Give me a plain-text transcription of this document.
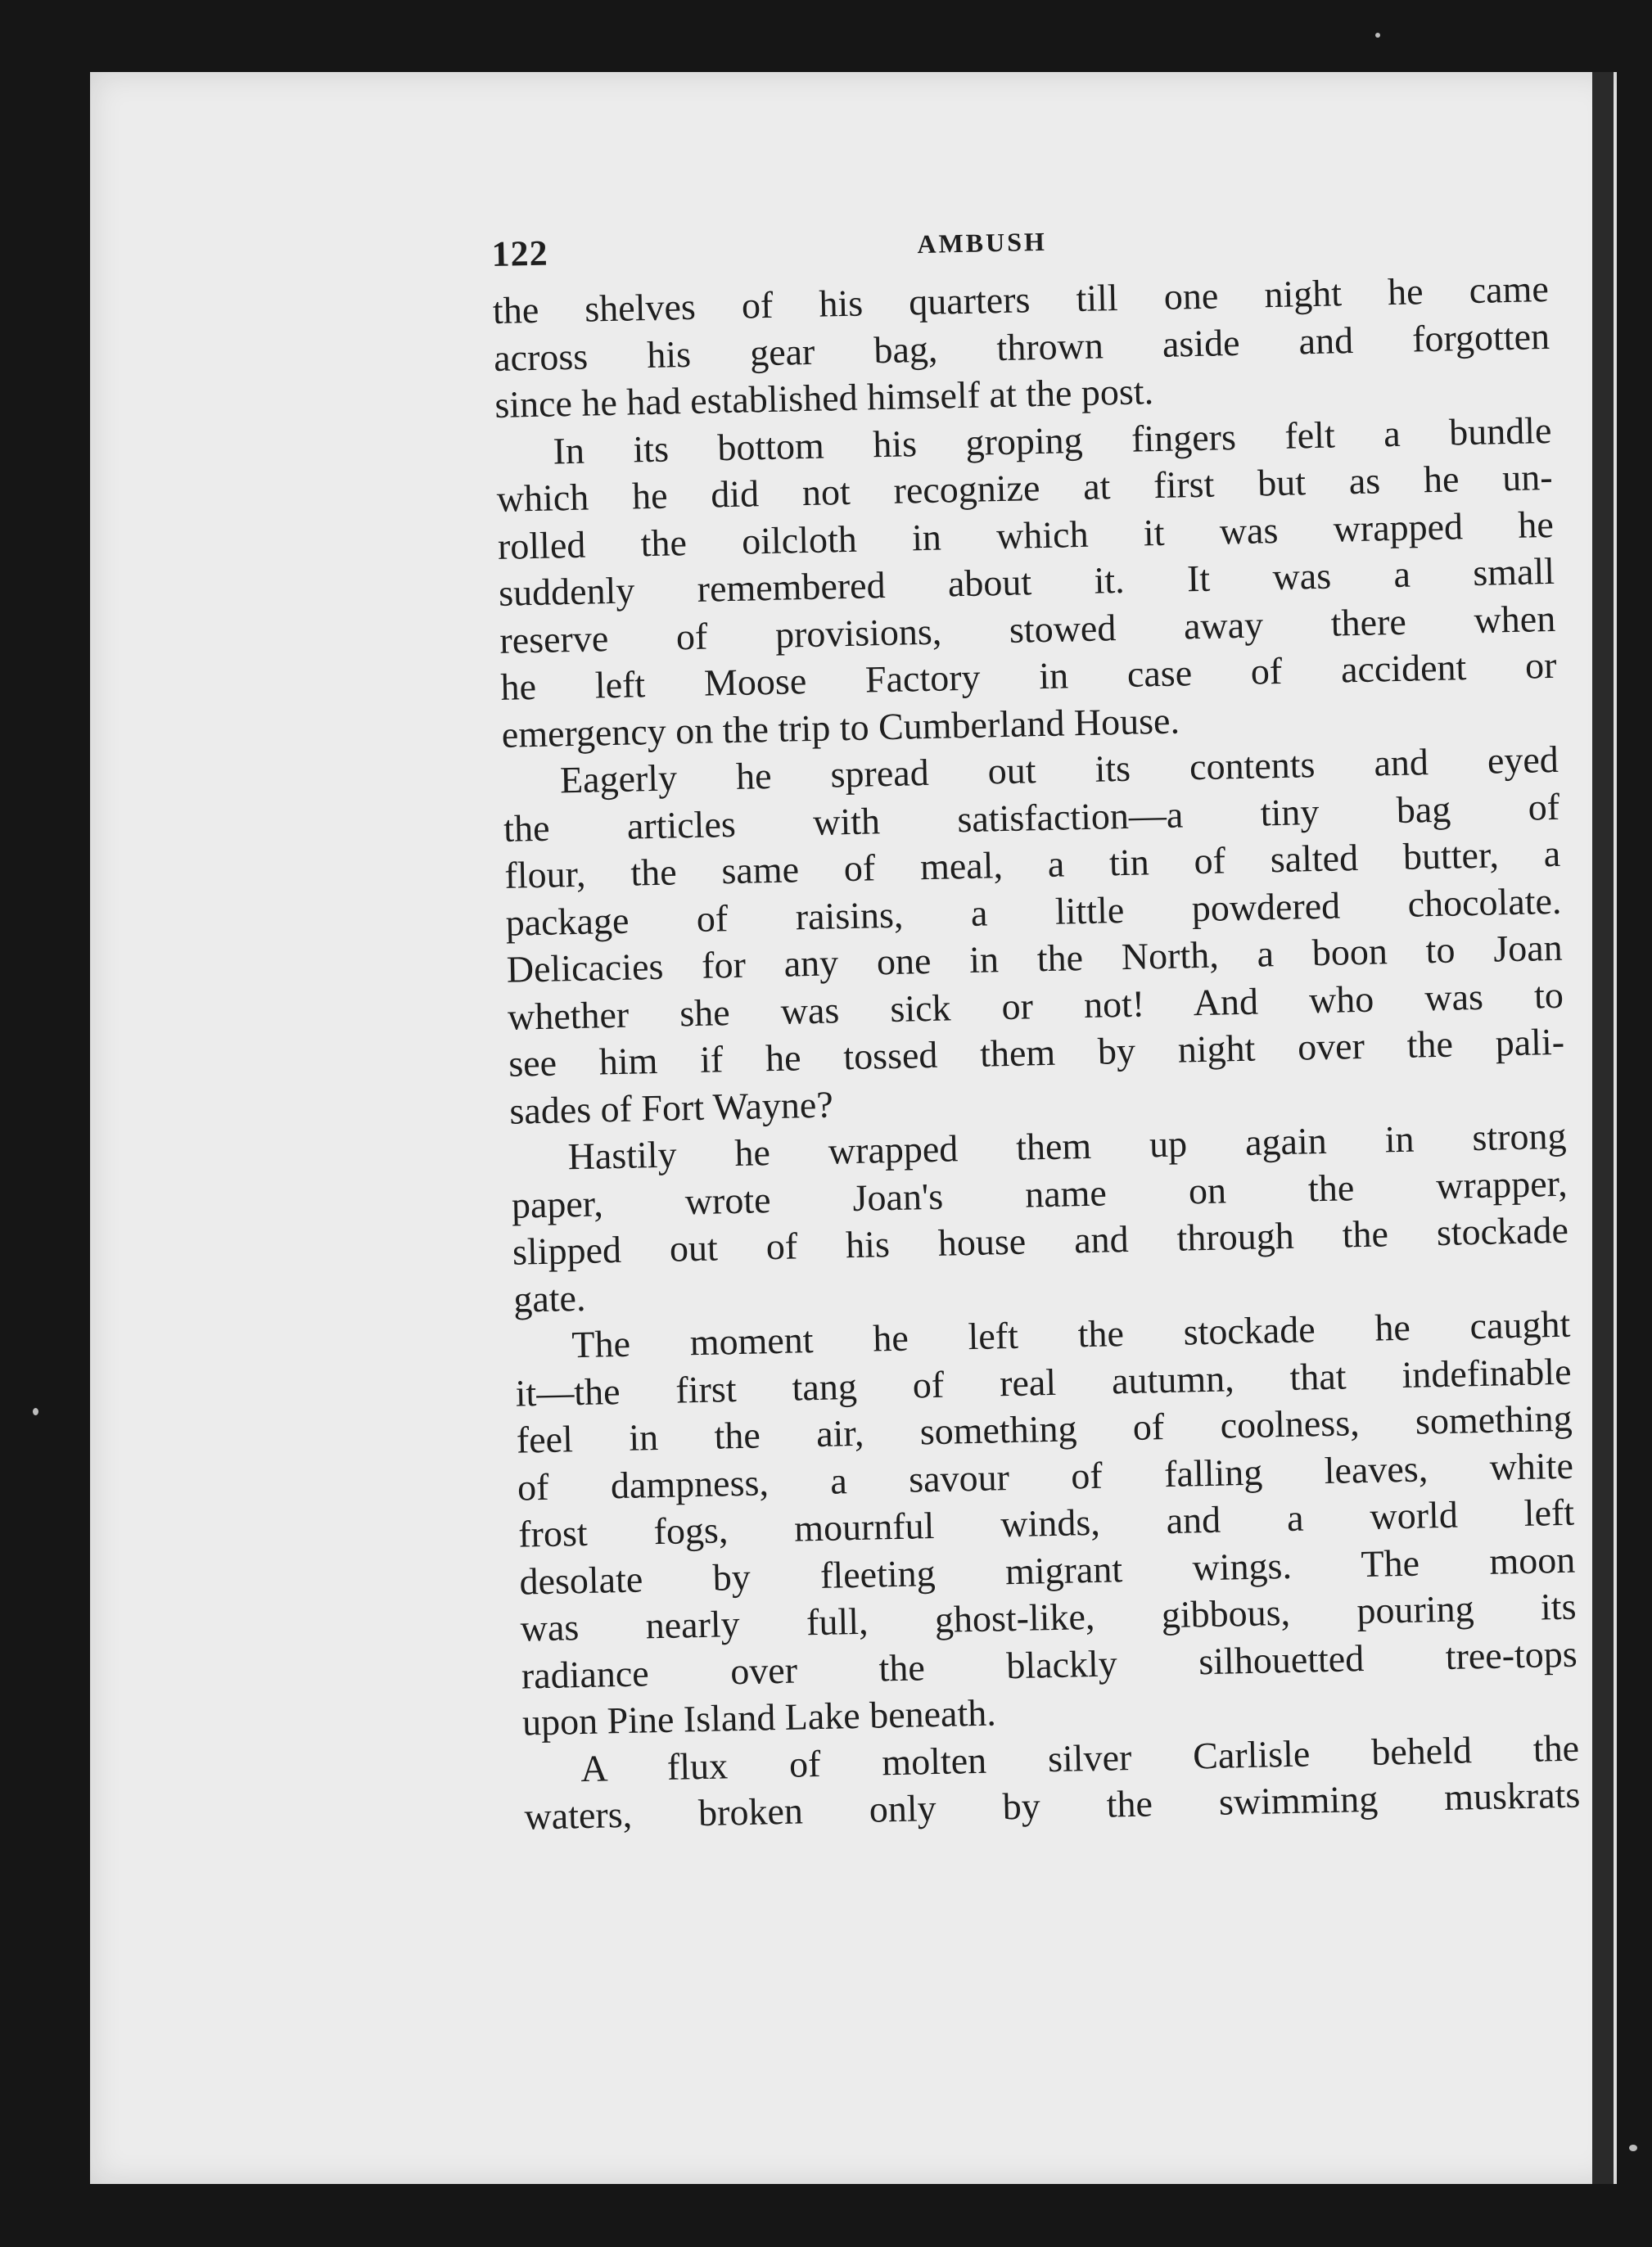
122	AMBUSH
the shelves of his quarters till one night he came
across his gear bag, thrown aside and forgotten
since he had established himself at the post.
In its bottom his groping fingers felt a bundle
which he did not recognize at first but as he un-
rolled the oilcloth in which it was wrapped he
suddenly remembered about it. It was a small
reserve of provisions, stowed away there when
he left Moose Factory in case of accident or
emergency on the trip to Cumberland House.
Eagerly he spread out its contents and eyed
the articles with satisfaction—a tiny bag of
flour, the same of meal, a tin of salted butter, a
package of raisins, a little powdered chocolate.
Delicacies for any one in the North, a boon to Joan
whether she was sick or not! And who was to
see him if he tossed them by night over the pali-
sades of Fort Wayne?
Hastily he wrapped them up again in strong
paper, wrote Joan's name on the wrapper,
slipped out of his house and through the stockade
gate.
The moment he left the stockade he caught
it—the first tang of real autumn, that indefinable
feel in the air, something of coolness, something
of dampness, a savour of falling leaves, white
frost fogs, mournful winds, and a world left
desolate by fleeting migrant wings. The moon
was nearly full, ghost-like, gibbous, pouring its
radiance over the blackly silhouetted tree-tops
upon Pine Island Lake beneath.
A flux of molten silver Carlisle beheld the
waters, broken only by the swimming muskrats
